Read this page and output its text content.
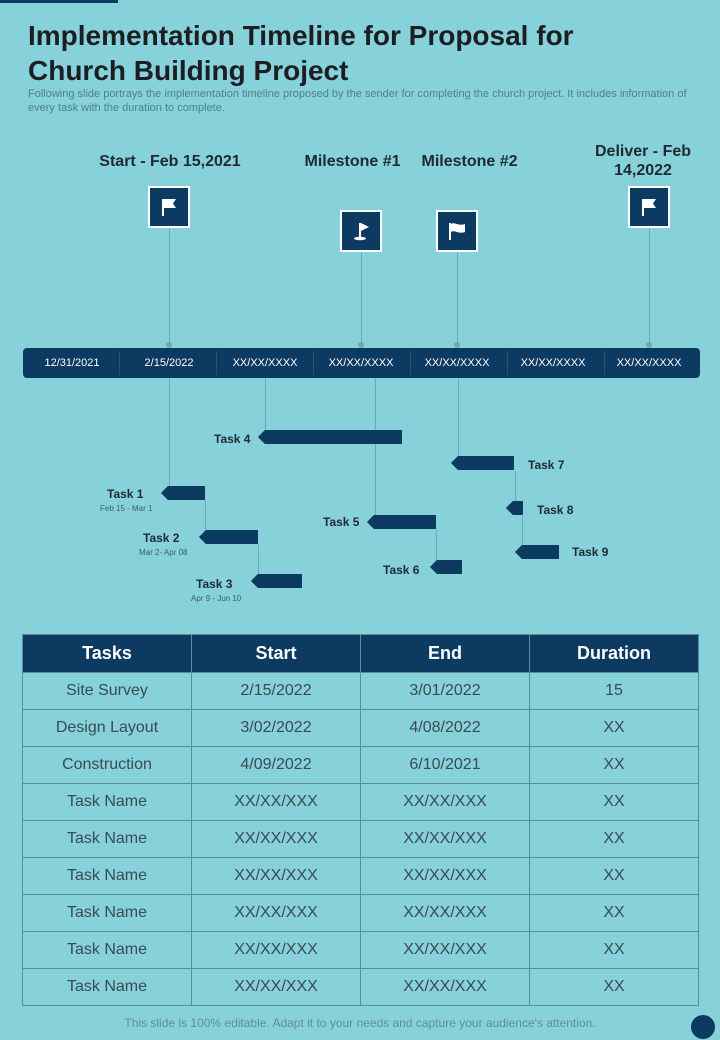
Implementation Timeline for Proposal for Church Building Project
Following slide portrays the implementation timeline proposed by the sender for completing the church project. It includes information of every task with the duration to complete.
Start - Feb 15,2021	Milestone #1	Milestone #2
Deliver - Feb 14,2022
12/31/2021	2/15/2022	XX/XX/XXXX	XX/XX/XXXX	XX/XX/XXXX	XX/XX/XXXX	XX/XX/XXXX
Task 1
Feb 15 - Mar 1
Task 2
Mar 2- Apr 08
Task 3
Apr 9 - Jun 10
Task 4
Task 5
Task 6
Task 7
Task 8
Task 9
Tasks	Start	End	Duration
Site Survey	2/15/2022	3/01/2022	15
Design Layout	3/02/2022	4/08/2022	XX
Construction	4/09/2022	6/10/2021	XX
Task Name	XX/XX/XXX	XX/XX/XXX	XX
Task Name	XX/XX/XXX	XX/XX/XXX	XX
Task Name	XX/XX/XXX	XX/XX/XXX	XX
Task Name	XX/XX/XXX	XX/XX/XXX	XX
Task Name	XX/XX/XXX	XX/XX/XXX	XX
Task Name	XX/XX/XXX	XX/XX/XXX	XX
This slide is 100% editable. Adapt it to your needs and capture your audience's attention.
